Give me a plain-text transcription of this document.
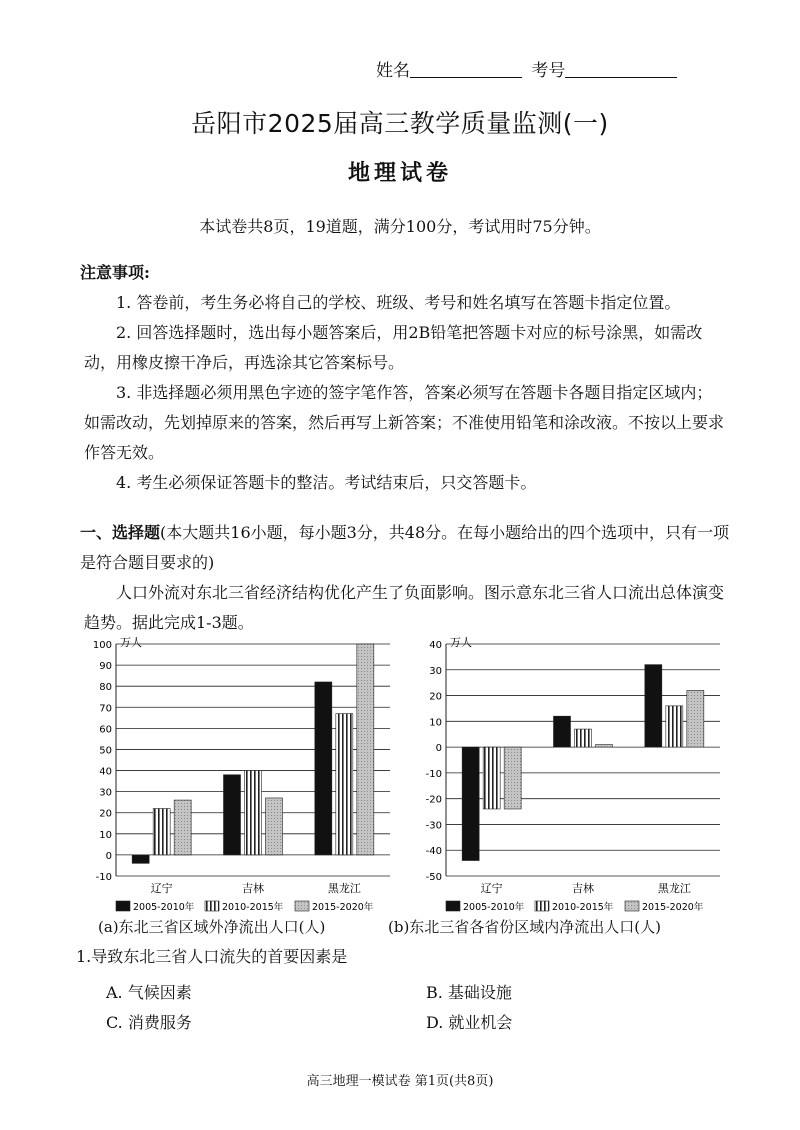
姓名	考号
岳阳市2025届高三教学质量监测(一)
地理试卷
本试卷共8页，19道题，满分100分，考试用时75分钟。
注意事项:

1. 答卷前，考生务必将自己的学校、班级、考号和姓名填写在答题卡指定位置。

2. 回答选择题时，选出每小题答案后，用2B铅笔把答题卡对应的标号涂黑，如需改动，用橡皮擦干净后，再选涂其它答案标号。

3. 非选择题必须用黑色字迹的签字笔作答，答案必须写在答题卡各题目指定区域内；如需改动，先划掉原来的答案，然后再写上新答案；不准使用铅笔和涂改液。不按以上要求作答无效。

4. 考生必须保证答题卡的整洁。考试结束后，只交答题卡。

一、选择题(本大题共16小题，每小题3分，共48分。在每小题给出的四个选项中，只有一项是符合题目要求的)

人口外流对东北三省经济结构优化产生了负面影响。图示意东北三省人口流出总体演变趋势。据此完成1-3题。

万人
-10
0
10
20
30
40
50
60
70
80
90
100
辽宁	吉林	黑龙江
2005-2010年	2010-2015年	2015-2020年
万人
-50
-40
-30
-20
-10
0
10
20
30
40
辽宁	吉林	黑龙江
2005-2010年	2010-2015年	2015-2020年
(a)东北三省区域外净流出人口(人)	(b)东北三省各省份区域内净流出人口(人)
1.导致东北三省人口流失的首要因素是
A. 气候因素	B. 基础设施
C. 消费服务	D. 就业机会
高三地理一模试卷 第1页(共8页)
